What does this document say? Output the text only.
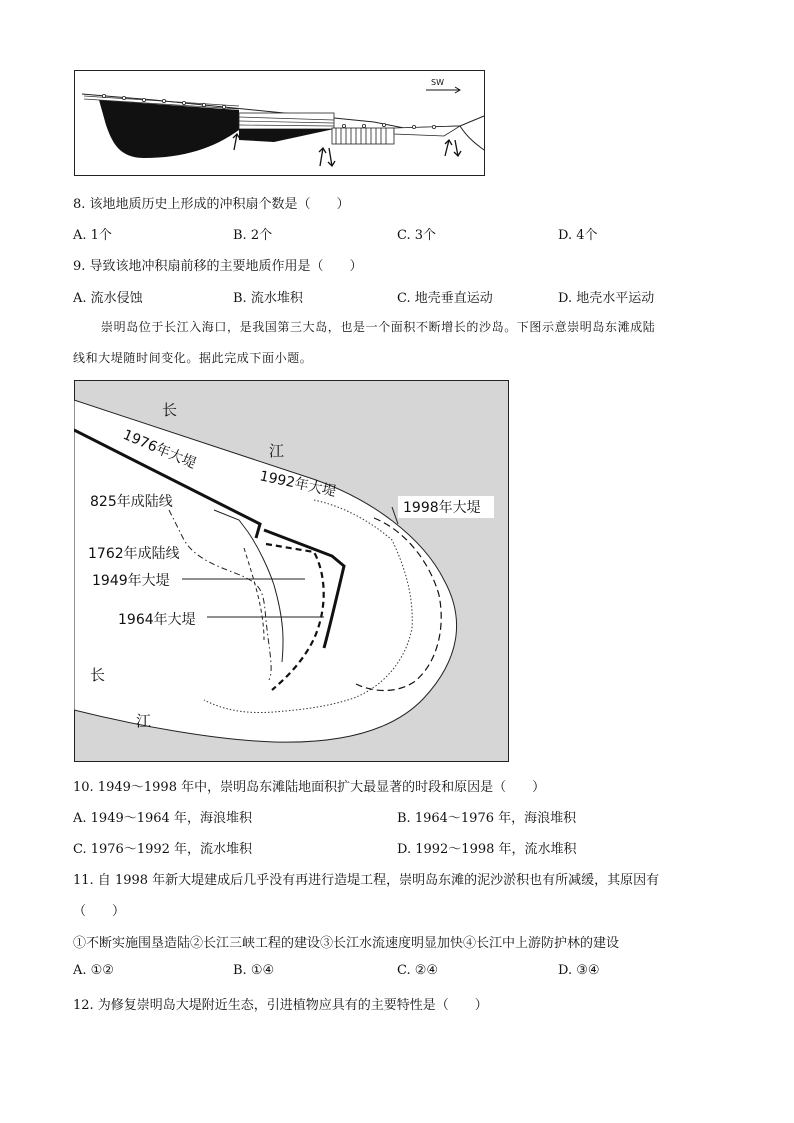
SW
8. 该地地质历史上形成的冲积扇个数是（　　）
A. 1个	B. 2个	C. 3个	D. 4个
9. 导致该地冲积扇前移的主要地质作用是（　　）
A. 流水侵蚀	B. 流水堆积	C. 地壳垂直运动	D. 地壳水平运动
崇明岛位于长江入海口，是我国第三大岛，也是一个面积不断增长的沙岛。下图示意崇明岛东滩成陆
线和大堤随时间变化。据此完成下面小题。
长
江
长
江
1976年大堤
1992年大堤
1998年大堤
825年成陆线
1762年成陆线
1949年大堤
1964年大堤
10. 1949～1998 年中，崇明岛东滩陆地面积扩大最显著的时段和原因是（　　）
A. 1949～1964 年，海浪堆积	B. 1964～1976 年，海浪堆积
C. 1976～1992 年，流水堆积	D. 1992～1998 年，流水堆积
11. 自 1998 年新大堤建成后几乎没有再进行造堤工程，崇明岛东滩的泥沙淤积也有所减缓，其原因有
（　　）
①不断实施围垦造陆②长江三峡工程的建设③长江水流速度明显加快④长江中上游防护林的建设
A. ①②	B. ①④	C. ②④	D. ③④
12. 为修复崇明岛大堤附近生态，引进植物应具有的主要特性是（　　）
